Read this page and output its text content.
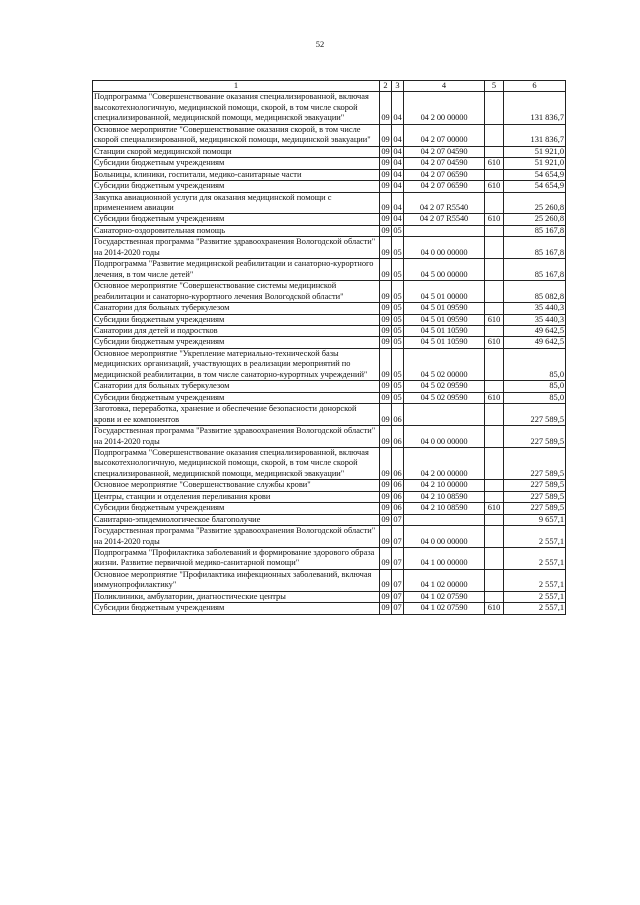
52
1	2	3	4	5	6
Подпрограмма "Совершенствование оказания специализированной, включая высокотехнологичную, медицинской помощи, скорой, в том числе скорой специализированной, медицинской помощи, медицинской эвакуации"	09	04	04 2 00 00000		131 836,7
Основное мероприятие "Совершенствование оказания скорой, в том числе скорой специализированной, медицинской помощи, медицинской эвакуации"	09	04	04 2 07 00000		131 836,7
Станции скорой медицинской помощи	09	04	04 2 07 04590		51 921,0
Субсидии бюджетным учреждениям	09	04	04 2 07 04590	610	51 921,0
Больницы, клиники, госпитали, медико-санитарные части	09	04	04 2 07 06590		54 654,9
Субсидии бюджетным учреждениям	09	04	04 2 07 06590	610	54 654,9
Закупка авиационной услуги для оказания медицинской помощи с применением авиации	09	04	04 2 07 R5540		25 260,8
Субсидии бюджетным учреждениям	09	04	04 2 07 R5540	610	25 260,8
Санаторно-оздоровительная помощь	09	05			85 167,8
Государственная программа "Развитие здравоохранения Вологодской области" на 2014-2020 годы	09	05	04 0 00 00000		85 167,8
Подпрограмма "Развитие медицинской реабилитации и санаторно-курортного лечения, в том числе детей"	09	05	04 5 00 00000		85 167,8
Основное мероприятие "Совершенствование системы медицинской реабилитации и санаторно-курортного лечения Вологодской области"	09	05	04 5 01 00000		85 082,8
Санатории для больных туберкулезом	09	05	04 5 01 09590		35 440,3
Субсидии бюджетным учреждениям	09	05	04 5 01 09590	610	35 440,3
Санатории для детей и подростков	09	05	04 5 01 10590		49 642,5
Субсидии бюджетным учреждениям	09	05	04 5 01 10590	610	49 642,5
Основное мероприятие "Укрепление материально-технической базы медицинских организаций, участвующих в реализации мероприятий по медицинской реабилитации, в том числе санаторно-курортных учреждений"	09	05	04 5 02 00000		85,0
Санатории для больных туберкулезом	09	05	04 5 02 09590		85,0
Субсидии бюджетным учреждениям	09	05	04 5 02 09590	610	85,0
Заготовка, переработка, хранение и обеспечение безопасности донорской крови и ее компонентов	09	06			227 589,5
Государственная программа "Развитие здравоохранения Вологодской области" на 2014-2020 годы	09	06	04 0 00 00000		227 589,5
Подпрограмма "Совершенствование оказания специализированной, включая высокотехнологичную, медицинской помощи, скорой, в том числе скорой специализированной, медицинской помощи, медицинской эвакуации"	09	06	04 2 00 00000		227 589,5
Основное мероприятие "Совершенствование службы крови"	09	06	04 2 10 00000		227 589,5
Центры, станции и отделения переливания крови	09	06	04 2 10 08590		227 589,5
Субсидии бюджетным учреждениям	09	06	04 2 10 08590	610	227 589,5
Санитарно-эпидемиологическое благополучие	09	07			9 657,1
Государственная программа "Развитие здравоохранения Вологодской области" на 2014-2020 годы	09	07	04 0 00 00000		2 557,1
Подпрограмма "Профилактика заболеваний и формирование здорового образа жизни. Развитие первичной медико-санитарной помощи"	09	07	04 1 00 00000		2 557,1
Основное мероприятие "Профилактика инфекционных заболеваний, включая иммунопрофилактику"	09	07	04 1 02 00000		2 557,1
Поликлиники, амбулатории, диагностические центры	09	07	04 1 02 07590		2 557,1
Субсидии бюджетным учреждениям	09	07	04 1 02 07590	610	2 557,1
